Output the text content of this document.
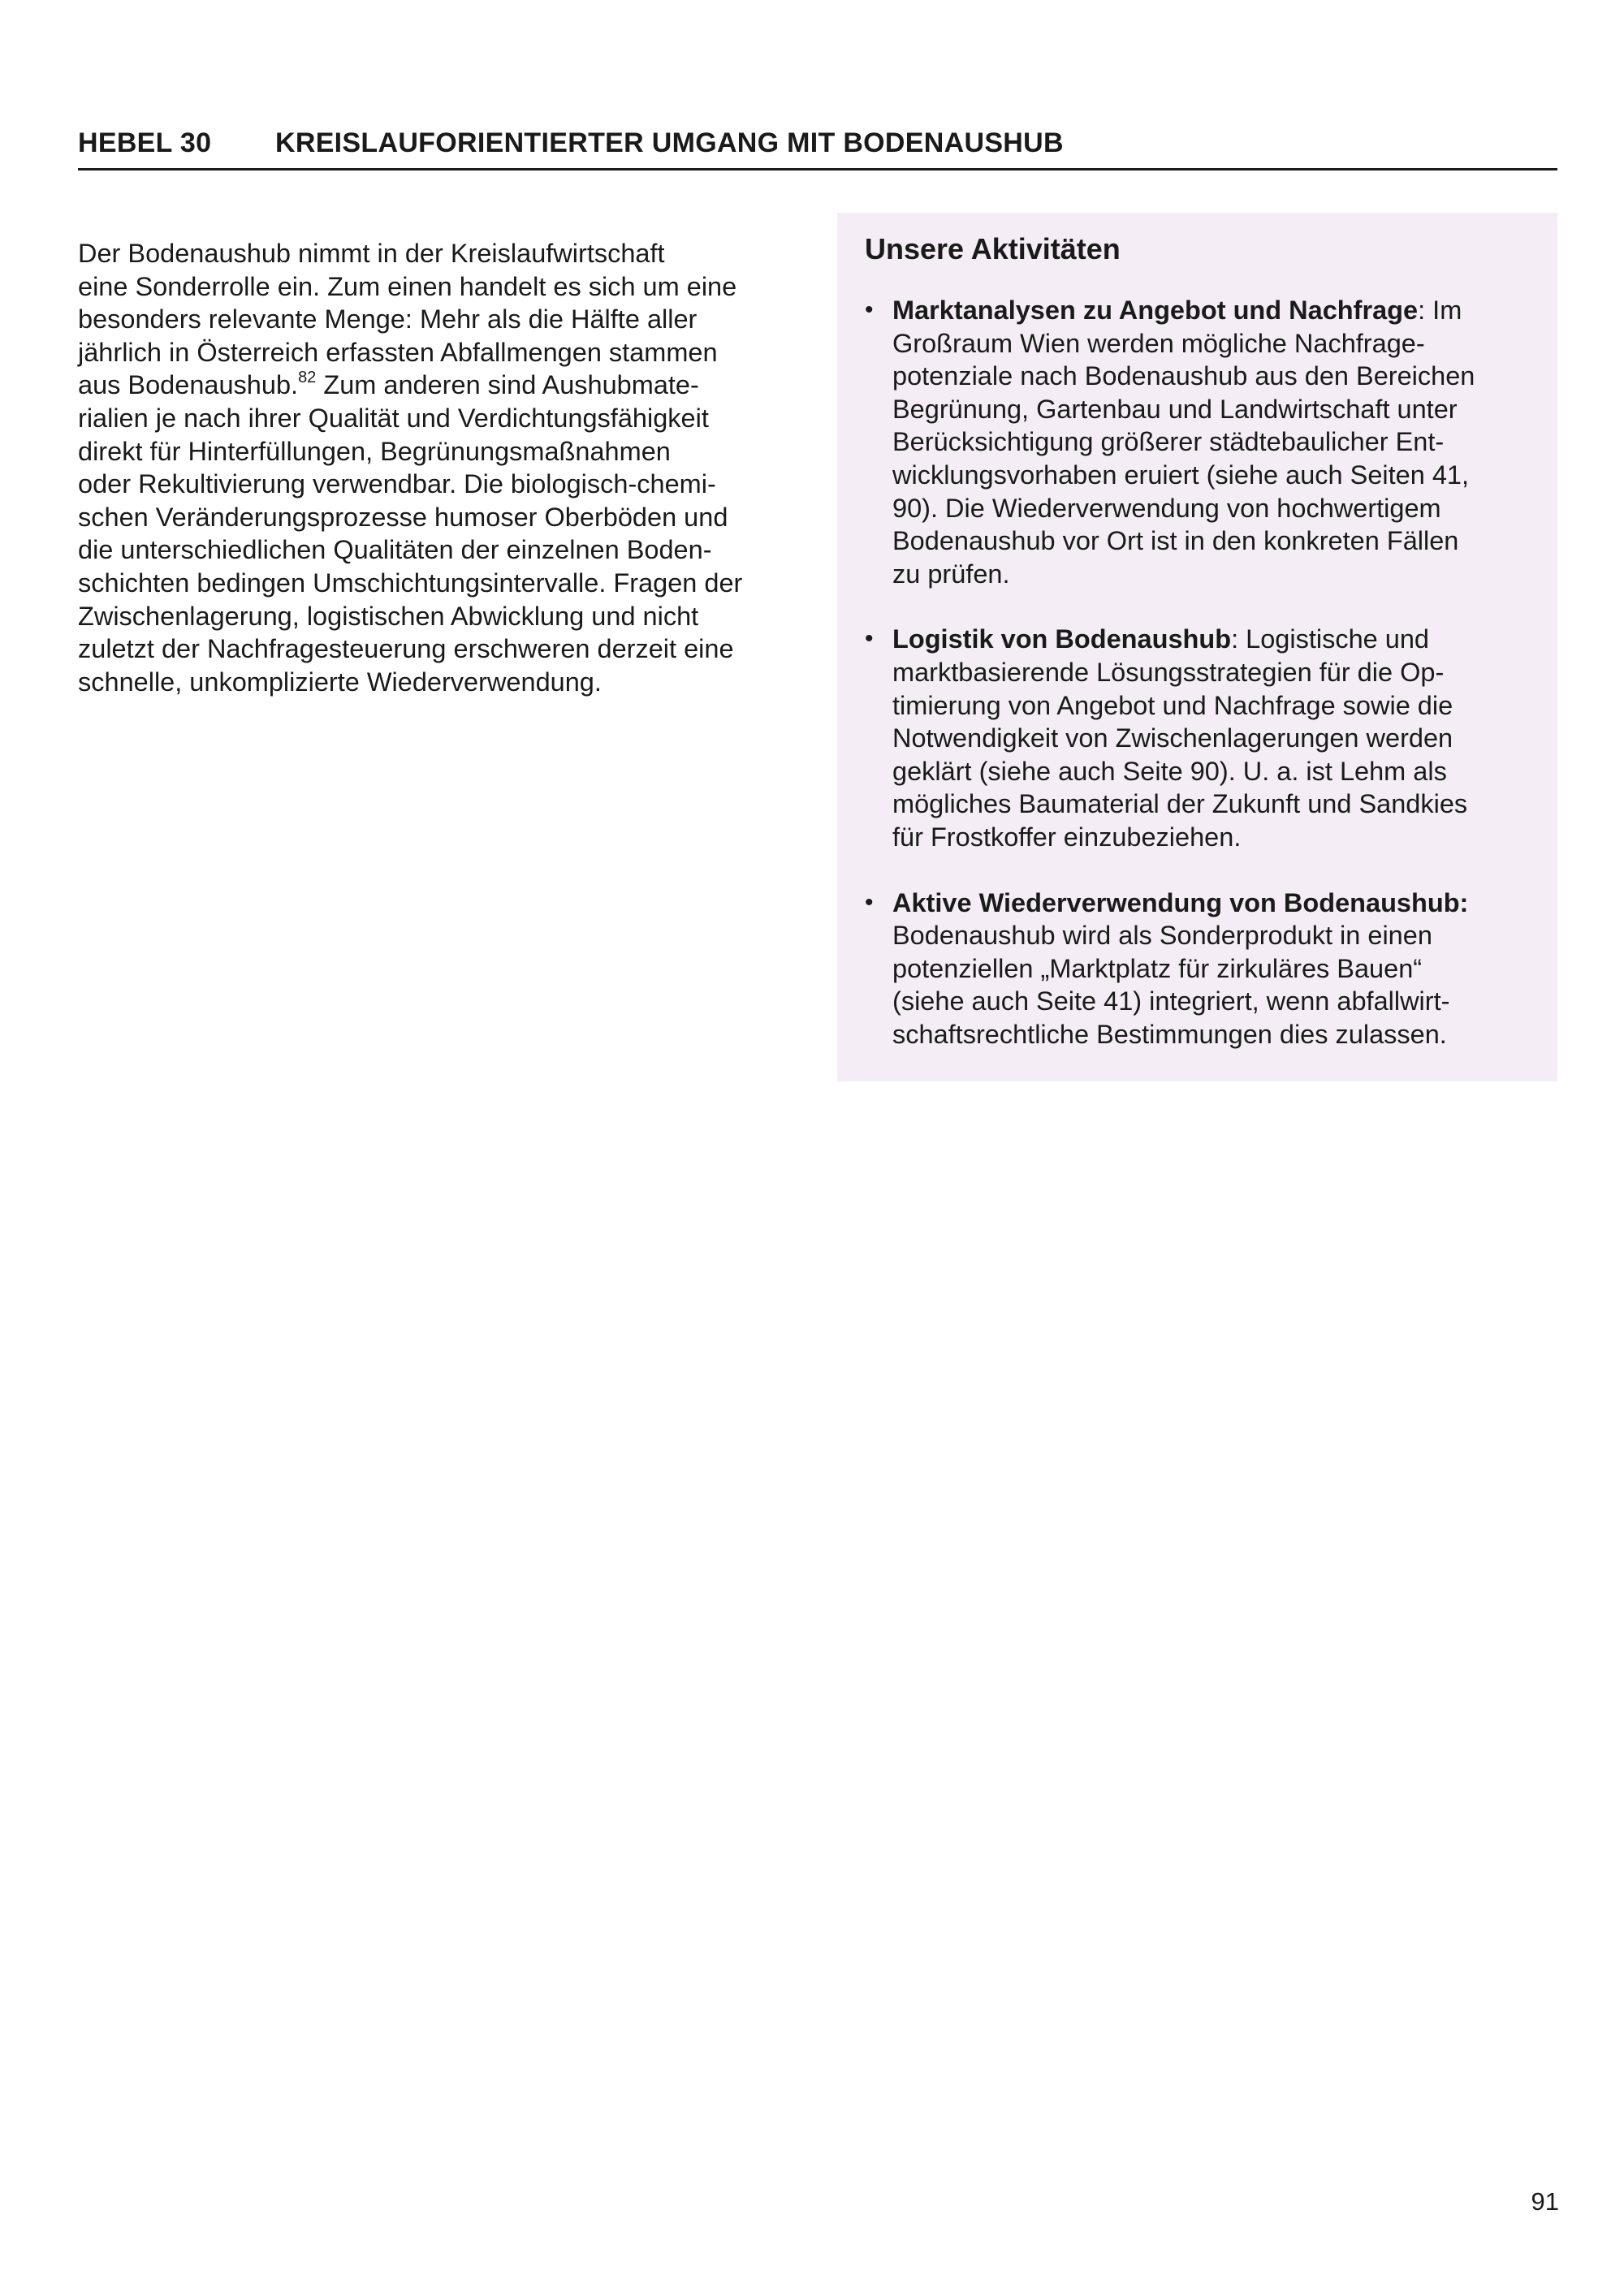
HEBEL 30 KREISLAUFORIENTIERTER UMGANG MIT BODENAUSHUB
Der Bodenaushub nimmt in der Kreislaufwirtschaft
eine Sonderrolle ein. Zum einen handelt es sich um eine
besonders relevante Menge: Mehr als die Hälfte aller
jährlich in Österreich erfassten Abfallmengen stammen
aus Bodenaushub.$^{82}$ Zum anderen sind Aushubmate-
rialien je nach ihrer Qualität und Verdichtungsfähigkeit
direkt für Hinterfüllungen, Begrünungsmaßnahmen
oder Rekultivierung verwendbar. Die biologisch-chemi-
schen Veränderungsprozesse humoser Oberböden und
die unterschiedlichen Qualitäten der einzelnen Boden-
schichten bedingen Umschichtungsintervalle. Fragen der
Zwischenlagerung, logistischen Abwicklung und nicht
zuletzt der Nachfragesteuerung erschweren derzeit eine
schnelle, unkomplizierte Wiederverwendung.
Unsere Aktivitäten
• Marktanalysen zu Angebot und Nachfrage: Im
Großraum Wien werden mögliche Nachfrage-
potenziale nach Bodenaushub aus den Bereichen
Begrünung, Gartenbau und Landwirtschaft unter
Berücksichtigung größerer städtebaulicher Ent-
wicklungsvorhaben eruiert (siehe auch Seiten 41,
90). Die Wiederverwendung von hochwertigem
Bodenaushub vor Ort ist in den konkreten Fällen
zu prüfen.
• Logistik von Bodenaushub: Logistische und
marktbasierende Lösungsstrategien für die Op-
timierung von Angebot und Nachfrage sowie die
Notwendigkeit von Zwischenlagerungen werden
geklärt (siehe auch Seite 90). U. a. ist Lehm als
mögliches Baumaterial der Zukunft und Sandkies
für Frostkoffer einzubeziehen.
• Aktive Wiederverwendung von Bodenaushub:
Bodenaushub wird als Sonderprodukt in einen
potenziellen „Marktplatz für zirkuläres Bauen“
(siehe auch Seite 41) integriert, wenn abfallwirt-
schaftsrechtliche Bestimmungen dies zulassen.
91
